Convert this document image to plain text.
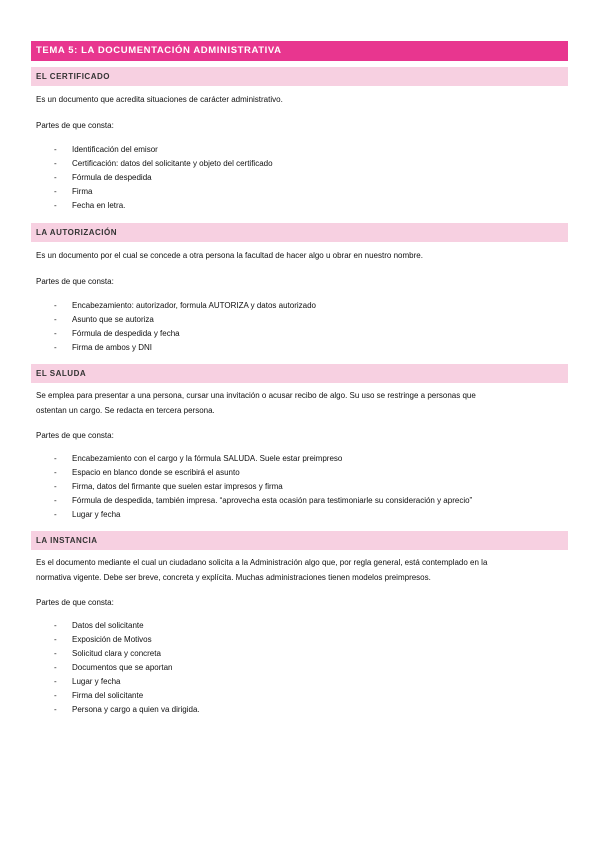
TEMA 5: LA DOCUMENTACIÓN ADMINISTRATIVA
EL CERTIFICADO

Es un documento que acredita situaciones de carácter administrativo.

Partes de que consta:

- Identificación del emisor
- Certificación: datos del solicitante y objeto del certificado
- Fórmula de despedida
- Firma
- Fecha en letra.
LA AUTORIZACIÓN

Es un documento por el cual se concede a otra persona la facultad de hacer algo u obrar en nuestro nombre.

Partes de que consta:

- Encabezamiento: autorizador, formula AUTORIZA y datos autorizado
- Asunto que se autoriza
- Fórmula de despedida y fecha
- Firma de ambos y DNI
EL SALUDA

Se emplea para presentar a una persona, cursar una invitación o acusar recibo de algo. Su uso se restringe a personas que

ostentan un cargo. Se redacta en tercera persona.

Partes de que consta:

- Encabezamiento con el cargo y la fórmula SALUDA. Suele estar preimpreso
- Espacio en blanco donde se escribirá el asunto
- Firma, datos del firmante que suelen estar impresos y firma
- Fórmula de despedida, también impresa. “aprovecha esta ocasión para testimoniarle su consideración y aprecio”
- Lugar y fecha
LA INSTANCIA

Es el documento mediante el cual un ciudadano solicita a la Administración algo que, por regla general, está contemplado en la

normativa vigente. Debe ser breve, concreta y explícita. Muchas administraciones tienen modelos preimpresos.

Partes de que consta:

- Datos del solicitante
- Exposición de Motivos
- Solicitud clara y concreta
- Documentos que se aportan
- Lugar y fecha
- Firma del solicitante
- Persona y cargo a quien va dirigida.
